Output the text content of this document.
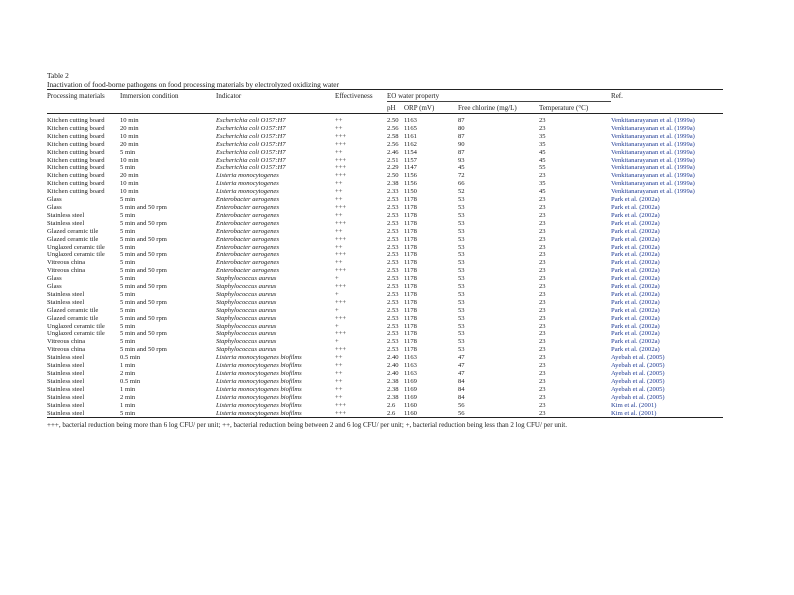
Table 2
Inactivation of food-borne pathogens on food processing materials by electrolyzed oxidizing water
Processing materials	Immersion condition	Indicator	Effectiveness	EO water property				Ref.
				pH	ORP (mV)	Free chlorine (mg/L)	Temperature (°C)	
Kitchen cutting board	10 min	Escherichia coli O157:H7	++	2.50	1163	87	23	Venkitanarayanan et al. (1999a)
Kitchen cutting board	20 min	Escherichia coli O157:H7	++	2.56	1165	80	23	Venkitanarayanan et al. (1999a)
Kitchen cutting board	10 min	Escherichia coli O157:H7	+++	2.58	1161	87	35	Venkitanarayanan et al. (1999a)
Kitchen cutting board	20 min	Escherichia coli O157:H7	+++	2.56	1162	90	35	Venkitanarayanan et al. (1999a)
Kitchen cutting board	5 min	Escherichia coli O157:H7	++	2.46	1154	87	45	Venkitanarayanan et al. (1999a)
Kitchen cutting board	10 min	Escherichia coli O157:H7	+++	2.51	1157	93	45	Venkitanarayanan et al. (1999a)
Kitchen cutting board	5 min	Escherichia coli O157:H7	+++	2.29	1147	45	55	Venkitanarayanan et al. (1999a)
Kitchen cutting board	20 min	Listeria monocytogenes	+++	2.50	1156	72	23	Venkitanarayanan et al. (1999a)
Kitchen cutting board	10 min	Listeria monocytogenes	++	2.38	1156	66	35	Venkitanarayanan et al. (1999a)
Kitchen cutting board	10 min	Listeria monocytogenes	++	2.33	1150	52	45	Venkitanarayanan et al. (1999a)
Glass	5 min	Enterobacter aerogenes	++	2.53	1178	53	23	Park et al. (2002a)
Glass	5 min and 50 rpm	Enterobacter aerogenes	+++	2.53	1178	53	23	Park et al. (2002a)
Stainless steel	5 min	Enterobacter aerogenes	++	2.53	1178	53	23	Park et al. (2002a)
Stainless steel	5 min and 50 rpm	Enterobacter aerogenes	+++	2.53	1178	53	23	Park et al. (2002a)
Glazed ceramic tile	5 min	Enterobacter aerogenes	++	2.53	1178	53	23	Park et al. (2002a)
Glazed ceramic tile	5 min and 50 rpm	Enterobacter aerogenes	+++	2.53	1178	53	23	Park et al. (2002a)
Unglazed ceramic tile	5 min	Enterobacter aerogenes	++	2.53	1178	53	23	Park et al. (2002a)
Unglazed ceramic tile	5 min and 50 rpm	Enterobacter aerogenes	+++	2.53	1178	53	23	Park et al. (2002a)
Vitreous china	5 min	Enterobacter aerogenes	++	2.53	1178	53	23	Park et al. (2002a)
Vitreous china	5 min and 50 rpm	Enterobacter aerogenes	+++	2.53	1178	53	23	Park et al. (2002a)
Glass	5 min	Staphylococcus aureus	+	2.53	1178	53	23	Park et al. (2002a)
Glass	5 min and 50 rpm	Staphylococcus aureus	+++	2.53	1178	53	23	Park et al. (2002a)
Stainless steel	5 min	Staphylococcus aureus	+	2.53	1178	53	23	Park et al. (2002a)
Stainless steel	5 min and 50 rpm	Staphylococcus aureus	+++	2.53	1178	53	23	Park et al. (2002a)
Glazed ceramic tile	5 min	Staphylococcus aureus	+	2.53	1178	53	23	Park et al. (2002a)
Glazed ceramic tile	5 min and 50 rpm	Staphylococcus aureus	+++	2.53	1178	53	23	Park et al. (2002a)
Unglazed ceramic tile	5 min	Staphylococcus aureus	+	2.53	1178	53	23	Park et al. (2002a)
Unglazed ceramic tile	5 min and 50 rpm	Staphylococcus aureus	+++	2.53	1178	53	23	Park et al. (2002a)
Vitreous china	5 min	Staphylococcus aureus	+	2.53	1178	53	23	Park et al. (2002a)
Vitreous china	5 min and 50 rpm	Staphylococcus aureus	+++	2.53	1178	53	23	Park et al. (2002a)
Stainless steel	0.5 min	Listeria monocytogenes biofilms	++	2.40	1163	47	23	Ayebah et al. (2005)
Stainless steel	1 min	Listeria monocytogenes biofilms	++	2.40	1163	47	23	Ayebah et al. (2005)
Stainless steel	2 min	Listeria monocytogenes biofilms	++	2.40	1163	47	23	Ayebah et al. (2005)
Stainless steel	0.5 min	Listeria monocytogenes biofilms	++	2.38	1169	84	23	Ayebah et al. (2005)
Stainless steel	1 min	Listeria monocytogenes biofilms	++	2.38	1169	84	23	Ayebah et al. (2005)
Stainless steel	2 min	Listeria monocytogenes biofilms	++	2.38	1169	84	23	Ayebah et al. (2005)
Stainless steel	1 min	Listeria monocytogenes biofilms	+++	2.6	1160	56	23	Kim et al. (2001)
Stainless steel	5 min	Listeria monocytogenes biofilms	+++	2.6	1160	56	23	Kim et al. (2001)
+++, bacterial reduction being more than 6 log CFU/ per unit; ++, bacterial reduction being between 2 and 6 log CFU/ per unit; +, bacterial reduction being less than 2 log CFU/ per unit.
